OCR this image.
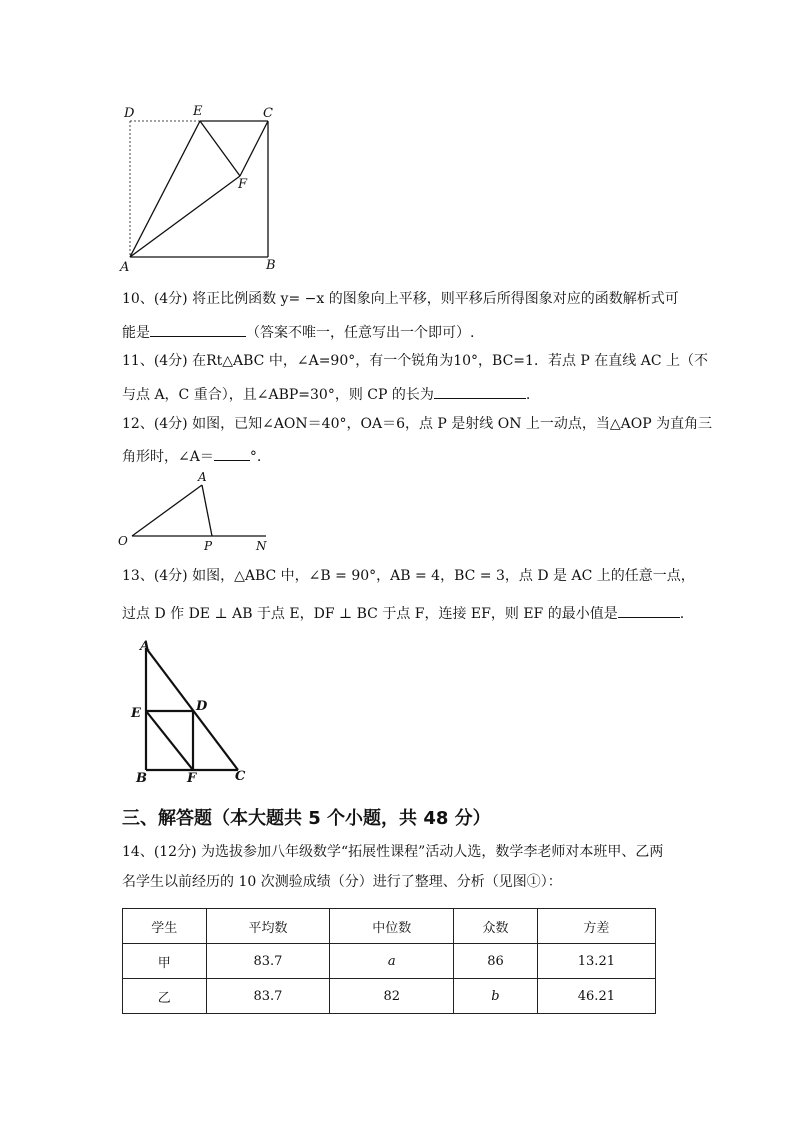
D	E	C
F
A	B
10、(4分) 将正比例函数 y= −x 的图象向上平移，则平移后所得图象对应的函数解析式可
能是	（答案不唯一，任意写出一个即可）.
11、(4分) 在Rt△ABC 中，∠A=90°，有一个锐角为10°，BC=1．若点 P 在直线 AC 上（不
与点 A，C 重合），且∠ABP=30°，则 CP 的长为	.
12、(4分) 如图，已知∠AON＝40°，OA＝6，点 P 是射线 ON 上一动点，当△AOP 为直角三
角形时，∠A＝	°.
A
O	P	N
13、(4分) 如图，△ABC 中，∠B = 90°，AB = 4，BC = 3，点 D 是 AC 上的任意一点，
过点 D 作 DE ⊥ AB 于点 E，DF ⊥ BC 于点 F，连接 EF，则 EF 的最小值是	.
A
E	D
B	F	C
三、解答题（本大题共 5 个小题，共 48 分）
14、(12分) 为选拔参加八年级数学“拓展性课程”活动人选，数学李老师对本班甲、乙两
名学生以前经历的 10 次测验成绩（分）进行了整理、分析（见图①）：
学生	平均数	中位数	众数	方差
甲	83.7	a	86	13.21
乙	83.7	82	b	46.21
